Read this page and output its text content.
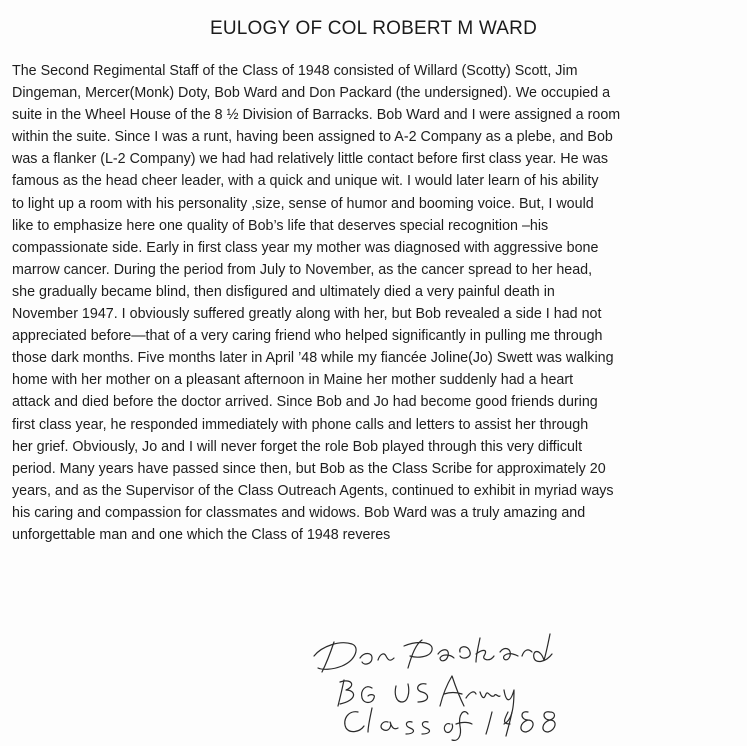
EULOGY OF COL ROBERT M WARD
The Second Regimental Staff of the Class of 1948 consisted of Willard (Scotty) Scott, Jim
Dingeman, Mercer(Monk) Doty, Bob Ward and Don Packard (the undersigned). We occupied a
suite in the Wheel House of the 8 ½ Division of Barracks. Bob Ward and I were assigned a room
within the suite. Since I was a runt, having been assigned to A-2 Company as a plebe, and Bob
was a flanker (L-2 Company) we had had relatively little contact before first class year. He was
famous as the head cheer leader, with a quick and unique wit. I would later learn of his ability
to light up a room with his personality ,size, sense of humor and booming voice. But, I would
like to emphasize here one quality of Bob’s life that deserves special recognition –his
compassionate side. Early in first class year my mother was diagnosed with aggressive bone
marrow cancer. During the period from July to November, as the cancer spread to her head,
she gradually became blind, then disfigured and ultimately died a very painful death in
November 1947. I obviously suffered greatly along with her, but Bob revealed a side I had not
appreciated before—that of a very caring friend who helped significantly in pulling me through
those dark months. Five months later in April ’48 while my fiancée Joline(Jo) Swett was walking
home with her mother on a pleasant afternoon in Maine her mother suddenly had a heart
attack and died before the doctor arrived. Since Bob and Jo had become good friends during
first class year, he responded immediately with phone calls and letters to assist her through
her grief. Obviously, Jo and I will never forget the role Bob played through this very difficult
period. Many years have passed since then, but Bob as the Class Scribe for approximately 20
years, and as the Supervisor of the Class Outreach Agents, continued to exhibit in myriad ways
his caring and compassion for classmates and widows. Bob Ward was a truly amazing and
unforgettable man and one which the Class of 1948 reveres
